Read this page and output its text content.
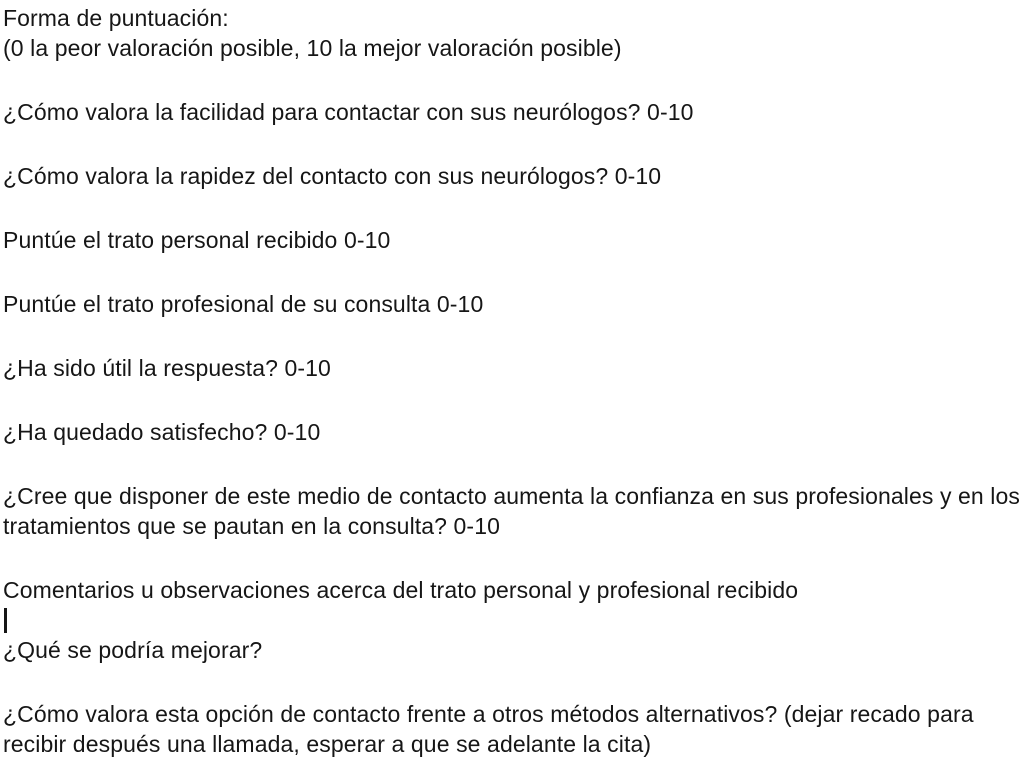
Forma de puntuación:

(0 la peor valoración posible, 10 la mejor valoración posible)

¿Cómo valora la facilidad para contactar con sus neurólogos? 0-10

¿Cómo valora la rapidez del contacto con sus neurólogos? 0-10

Puntúe el trato personal recibido 0-10

Puntúe el trato profesional de su consulta 0-10

¿Ha sido útil la respuesta? 0-10

¿Ha quedado satisfecho? 0-10

¿Cree que disponer de este medio de contacto aumenta la confianza en sus profesionales y en los tratamientos que se pautan en la consulta? 0-10

Comentarios u observaciones acerca del trato personal y profesional recibido

¿Qué se podría mejorar?

¿Cómo valora esta opción de contacto frente a otros métodos alternativos? (dejar recado para recibir después una llamada, esperar a que se adelante la cita)
